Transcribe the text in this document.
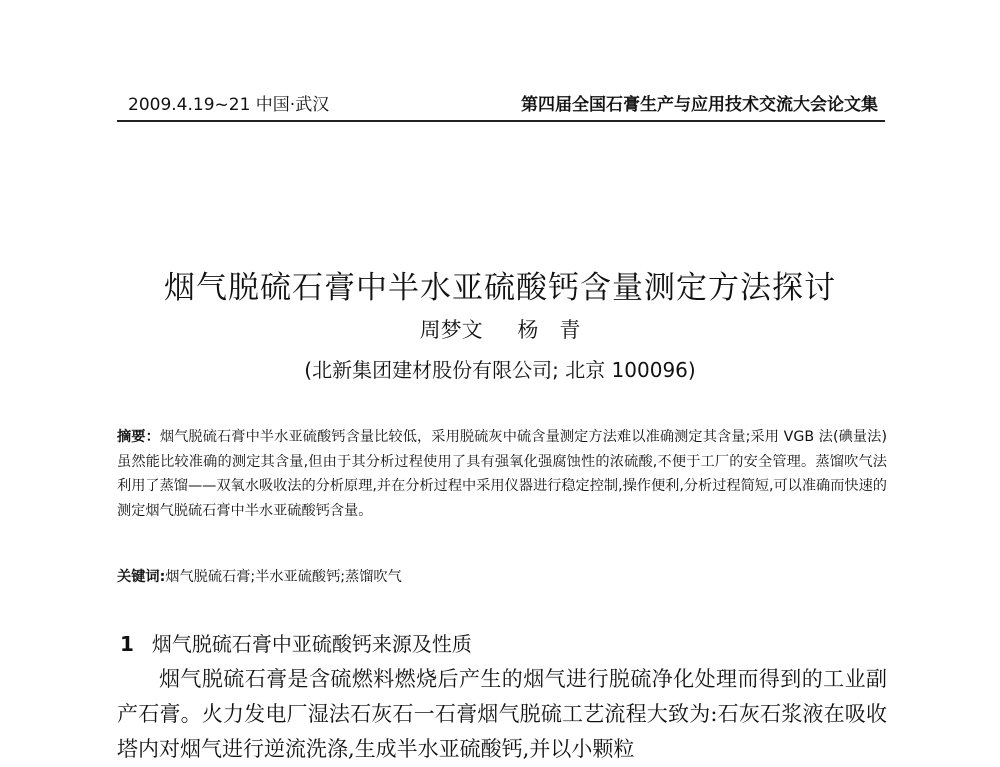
2009.4.19~21 中国·武汉	第四届全国石膏生产与应用技术交流大会论文集
烟气脱硫石膏中半水亚硫酸钙含量测定方法探讨
周梦文 杨　青
(北新集团建材股份有限公司; 北京 100096)
摘要：烟气脱硫石膏中半水亚硫酸钙含量比较低，采用脱硫灰中硫含量测定方法难以准确测定其含量;采用 VGB 法(碘量法)虽然能比较准确的测定其含量,但由于其分析过程使用了具有强氧化强腐蚀性的浓硫酸,不便于工厂的安全管理。蒸馏吹气法利用了蒸馏——双氧水吸收法的分析原理,并在分析过程中采用仪器进行稳定控制,操作便利,分析过程简短,可以准确而快速的测定烟气脱硫石膏中半水亚硫酸钙含量。
关键词:烟气脱硫石膏;半水亚硫酸钙;蒸馏吹气
1 烟气脱硫石膏中亚硫酸钙来源及性质
烟气脱硫石膏是含硫燃料燃烧后产生的烟气进行脱硫净化处理而得到的工业副产石膏。火力发电厂湿法石灰石一石膏烟气脱硫工艺流程大致为:石灰石浆液在吸收塔内对烟气进行逆流洗涤,生成半水亚硫酸钙,并以小颗粒
